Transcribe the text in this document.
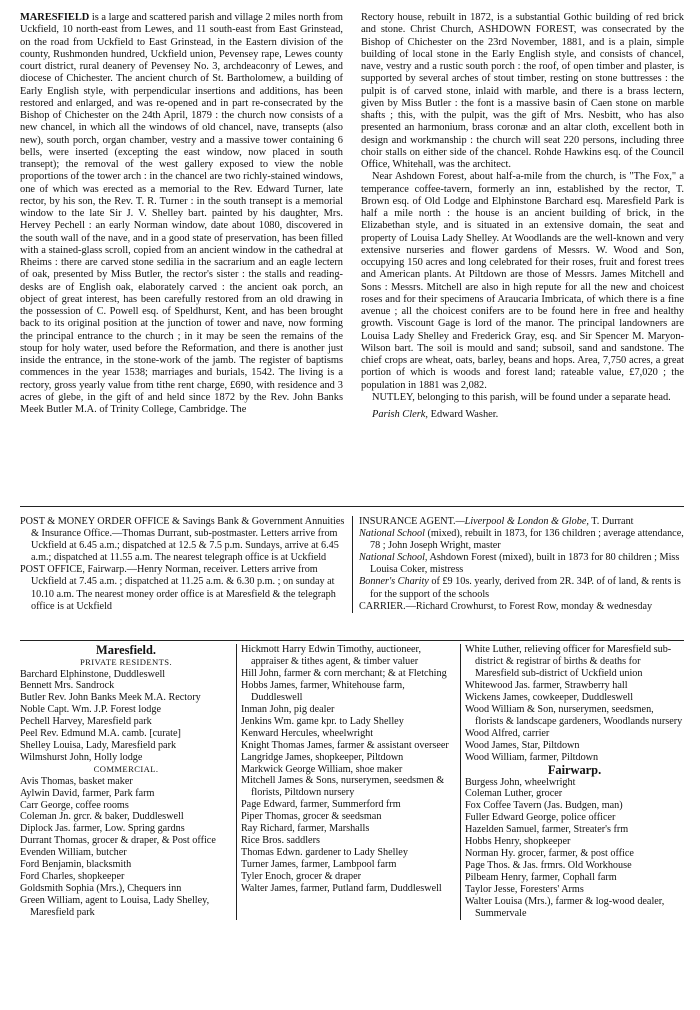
MARESFIELD is a large and scattered parish and village 2 miles north from Uckfield, 10 north-east from Lewes, and 11 south-east from East Grinstead, on the road from Uckfield to East Grinstead, in the Eastern division of the county, Rushmonden hundred, Uckfield union, Pevensey rape, Lewes county court district, rural deanery of Pevensey No. 3, archdeaconry of Lewes, and diocese of Chichester. The ancient church of St. Bartholomew, a building of Early English style, with perpendicular insertions and additions, has been restored and enlarged, and was re-opened and in part re-consecrated by the Bishop of Chichester on the 24th April, 1879 : the church now consists of a new chancel, in which all the windows of old chancel, nave, transepts (also new), south porch, organ chamber, vestry and a massive tower containing 6 bells, were inserted (excepting the east window, now placed in south transept); the removal of the west gallery exposed to view the noble proportions of the tower arch : in the chancel are two richly-stained windows, one of which was erected as a memorial to the Rev. Edward Turner, late rector, by his son, the Rev. T. R. Turner : in the south transept is a memorial window to the late Sir J. V. Shelley bart. painted by his daughter, Mrs. Hervey Pechell : an early Norman window, date about 1080, discovered in the south wall of the nave, and in a good state of preservation, has been filled with a stained-glass scroll, copied from an ancient window in the cathedral at Rheims : there are carved stone sedilia in the sacrarium and an eagle lectern of oak, presented by Miss Butler, the rector's sister : the stalls and reading-desks are of English oak, elaborately carved : the ancient oak porch, an object of great interest, has been carefully restored from an old drawing in the possession of C. Powell esq. of Speldhurst, Kent, and has been brought back to its original position at the junction of tower and nave, now forming the principal entrance to the church ; in it may be seen the remains of the stoup for holy water, used before the Reformation, and there is another just inside the entrance, in the stone-work of the jamb. The register of baptisms commences in the year 1538; marriages and burials, 1542. The living is a rectory, gross yearly value from tithe rent charge, £690, with residence and 3 acres of glebe, in the gift of and held since 1872 by the Rev. John Banks Meek Butler M.A. of Trinity College, Cambridge. The

Rectory house, rebuilt in 1872, is a substantial Gothic building of red brick and stone. Christ Church, ASHDOWN FOREST, was consecrated by the Bishop of Chichester on the 23rd November, 1881, and is a plain, simple building of local stone in the Early English style, and consists of chancel, nave, vestry and a rustic south porch : the roof, of open timber and plaster, is supported by several arches of stout timber, resting on stone buttresses : the pulpit is of carved stone, inlaid with marble, and there is a brass lectern, given by Miss Butler : the font is a massive basin of Caen stone on marble shafts ; this, with the pulpit, was the gift of Mrs. Nesbitt, who has also presented an harmonium, brass coronæ and an altar cloth, excellent both in design and workmanship : the church will seat 220 persons, including three choir stalls on either side of the chancel. Rohde Hawkins esq. of the Council Office, Whitehall, was the architect.

Near Ashdown Forest, about half-a-mile from the church, is "The Fox," a temperance coffee-tavern, formerly an inn, established by the rector, T. Brown esq. of Old Lodge and Elphinstone Barchard esq. Maresfield Park is half a mile north : the house is an ancient building of brick, in the Elizabethan style, and is situated in an extensive domain, the seat and property of Louisa Lady Shelley. At Woodlands are the well-known and very extensive nurseries and flower gardens of Messrs. W. Wood and Son, occupying 150 acres and long celebrated for their roses, fruit and forest trees and American plants. At Piltdown are those of Messrs. James Mitchell and Sons : Messrs. Mitchell are also in high repute for all the new and choicest roses and for their specimens of Araucaria Imbricata, of which there is a fine avenue ; all the choicest conifers are to be found here in free and healthy growth. Viscount Gage is lord of the manor. The principal landowners are Louisa Lady Shelley and Frederick Gray, esq. and Sir Spencer M. Maryon-Wilson bart. The soil is mould and sand; subsoil, sand and sandstone. The chief crops are wheat, oats, barley, beans and hops. Area, 7,750 acres, a great portion of which is woods and forest land; rateable value, £7,020 ; the population in 1881 was 2,082.

NUTLEY, belonging to this parish, will be found under a separate head.

Parish Clerk, Edward Washer.

POST & MONEY ORDER OFFICE & Savings Bank & Government Annuities & Insurance Office.—Thomas Durrant, sub-postmaster. Letters arrive from Uckfield at 6.45 a.m.; dispatched at 12.5 & 7.5 p.m. Sundays, arrive at 6.45 a.m.; dispatched at 11.55 a.m. The nearest telegraph office is at Uckfield

POST OFFICE, Fairwarp.—Henry Norman, receiver. Letters arrive from Uckfield at 7.45 a.m. ; dispatched at 11.25 a.m. & 6.30 p.m. ; on sunday at 10.10 a.m. The nearest money order office is at Maresfield & the telegraph office is at Uckfield

INSURANCE AGENT.—Liverpool & London & Globe, T. Durrant

National School (mixed), rebuilt in 1873, for 136 children ; average attendance, 78 ; John Joseph Wright, master

National School, Ashdown Forest (mixed), built in 1873 for 80 children ; Miss Louisa Coker, mistress

Bonner's Charity of £9 10s. yearly, derived from 2R. 34P. of of land, & rents is for the support of the schools

CARRIER.—Richard Crowhurst, to Forest Row, monday & wednesday

Maresfield.

PRIVATE RESIDENTS.

Barchard Elphinstone, Duddleswell

Bennett Mrs. Sandrock

Butler Rev. John Banks Meek M.A. Rectory

Noble Capt. Wm. J.P. Forest lodge

Pechell Harvey, Maresfield park

Peel Rev. Edmund M.A. camb. [curate]

Shelley Louisa, Lady, Maresfield park

Wilmshurst John, Holly lodge

COMMERCIAL.

Avis Thomas, basket maker

Aylwin David, farmer, Park farm

Carr George, coffee rooms

Coleman Jn. grcr. & baker, Duddleswell

Diplock Jas. farmer, Low. Spring gardns

Durrant Thomas, grocer & draper, & Post office

Evenden William, butcher

Ford Benjamin, blacksmith

Ford Charles, shopkeeper

Goldsmith Sophia (Mrs.), Chequers inn

Green William, agent to Louisa, Lady Shelley, Maresfield park

Hickmott Harry Edwin Timothy, auctioneer, appraiser & tithes agent, & timber valuer

Hill John, farmer & corn merchant; & at Fletching

Hobbs James, farmer, Whitehouse farm, Duddleswell

Inman John, pig dealer

Jenkins Wm. game kpr. to Lady Shelley

Kenward Hercules, wheelwright

Knight Thomas James, farmer & assistant overseer

Langridge James, shopkeeper, Piltdown

Markwick George William, shoe maker

Mitchell James & Sons, nurserymen, seedsmen & florists, Piltdown nursery

Page Edward, farmer, Summerford frm

Piper Thomas, grocer & seedsman

Ray Richard, farmer, Marshalls

Rice Bros. saddlers

Thomas Edwn. gardener to Lady Shelley

Turner James, farmer, Lambpool farm

Tyler Enoch, grocer & draper

Walter James, farmer, Putland farm, Duddleswell

White Luther, relieving officer for Maresfield sub-district & registrar of births & deaths for Maresfield sub-district of Uckfield union

Whitewood Jas. farmer, Strawberry hall

Wickens James, cowkeeper, Duddleswell

Wood William & Son, nurserymen, seedsmen, florists & landscape gardeners, Woodlands nursery

Wood Alfred, carrier

Wood James, Star, Piltdown

Wood William, farmer, Piltdown

Fairwarp.

Burgess John, wheelwright

Coleman Luther, grocer

Fox Coffee Tavern (Jas. Budgen, man)

Fuller Edward George, police officer

Hazelden Samuel, farmer, Streater's frm

Hobbs Henry, shopkeeper

Norman Hy. grocer, farmer, & post office

Page Thos. & Jas. frmrs. Old Workhouse

Pilbeam Henry, farmer, Cophall farm

Taylor Jesse, Foresters' Arms

Walter Louisa (Mrs.), farmer & log-wood dealer, Summervale
